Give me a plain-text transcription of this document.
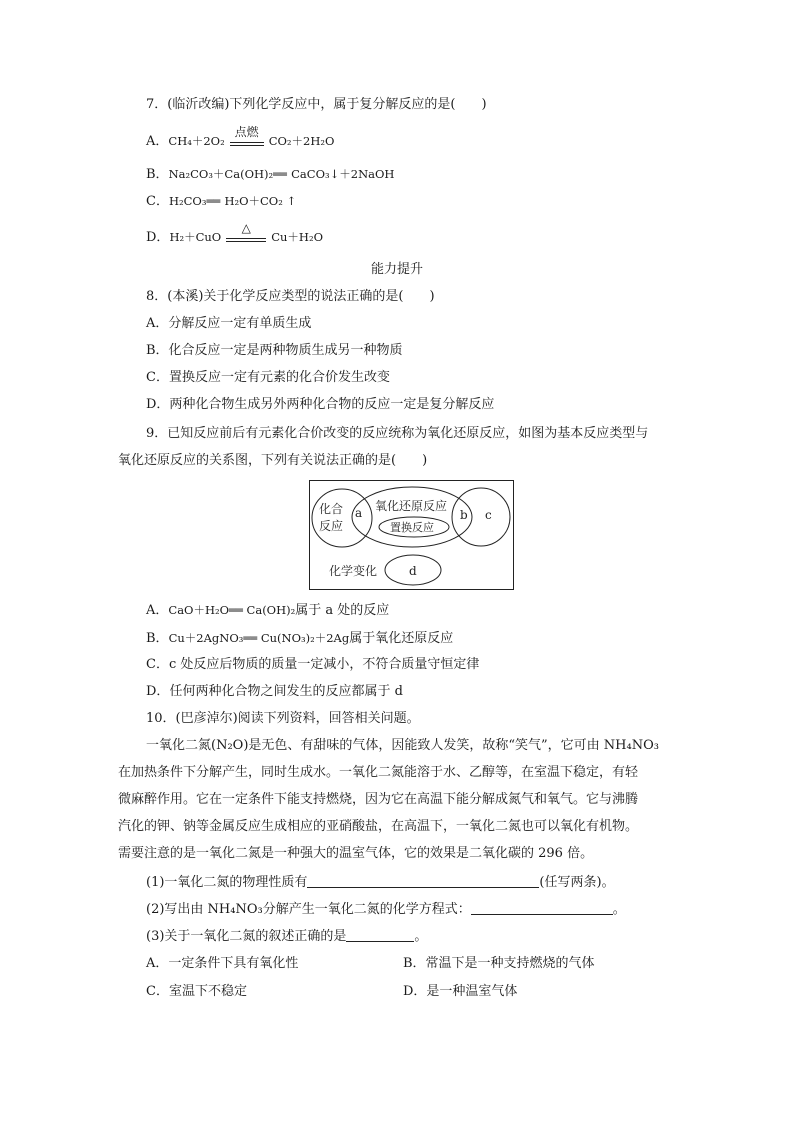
7．(临沂改编)下列化学反应中，属于复分解反应的是(　　)
A．CH₄＋2O₂
点燃
CO₂＋2H₂O
B．Na₂CO₃＋Ca(OH)₂══ CaCO₃↓＋2NaOH
C．H₂CO₃══ H₂O＋CO₂ ↑
D．H₂＋CuO
△
Cu＋H₂O
能力提升
8．(本溪)关于化学反应类型的说法正确的是(　　)
A．分解反应一定有单质生成
B．化合反应一定是两种物质生成另一种物质
C．置换反应一定有元素的化合价发生改变
D．两种化合物生成另外两种化合物的反应一定是复分解反应
9．已知反应前后有元素化合价改变的反应统称为氧化还原反应，如图为基本反应类型与
氧化还原反应的关系图，下列有关说法正确的是(　　)
化合
反应
a 氧化还原反应
置换反应
b c
化学变化	d
A．CaO＋H₂O══ Ca(OH)₂属于 a 处的反应
B．Cu＋2AgNO₃══ Cu(NO₃)₂＋2Ag属于氧化还原反应
C．c 处反应后物质的质量一定减小，不符合质量守恒定律
D．任何两种化合物之间发生的反应都属于 d
10．(巴彦淖尔)阅读下列资料，回答相关问题。
一氧化二氮(N₂O)是无色、有甜味的气体，因能致人发笑，故称“笑气”，它可由 NH₄NO₃
在加热条件下分解产生，同时生成水。一氧化二氮能溶于水、乙醇等，在室温下稳定，有轻
微麻醉作用。它在一定条件下能支持燃烧，因为它在高温下能分解成氮气和氧气。它与沸腾
汽化的钾、钠等金属反应生成相应的亚硝酸盐，在高温下，一氧化二氮也可以氧化有机物。
需要注意的是一氧化二氮是一种强大的温室气体，它的效果是二氧化碳的 296 倍。
(1)一氧化二氮的物理性质有	(任写两条)。
(2)写出由 NH₄NO₃分解产生一氧化二氮的化学方程式：	。
(3)关于一氧化二氮的叙述正确的是	。
A．一定条件下具有氧化性	B．常温下是一种支持燃烧的气体
C．室温下不稳定	D．是一种温室气体
